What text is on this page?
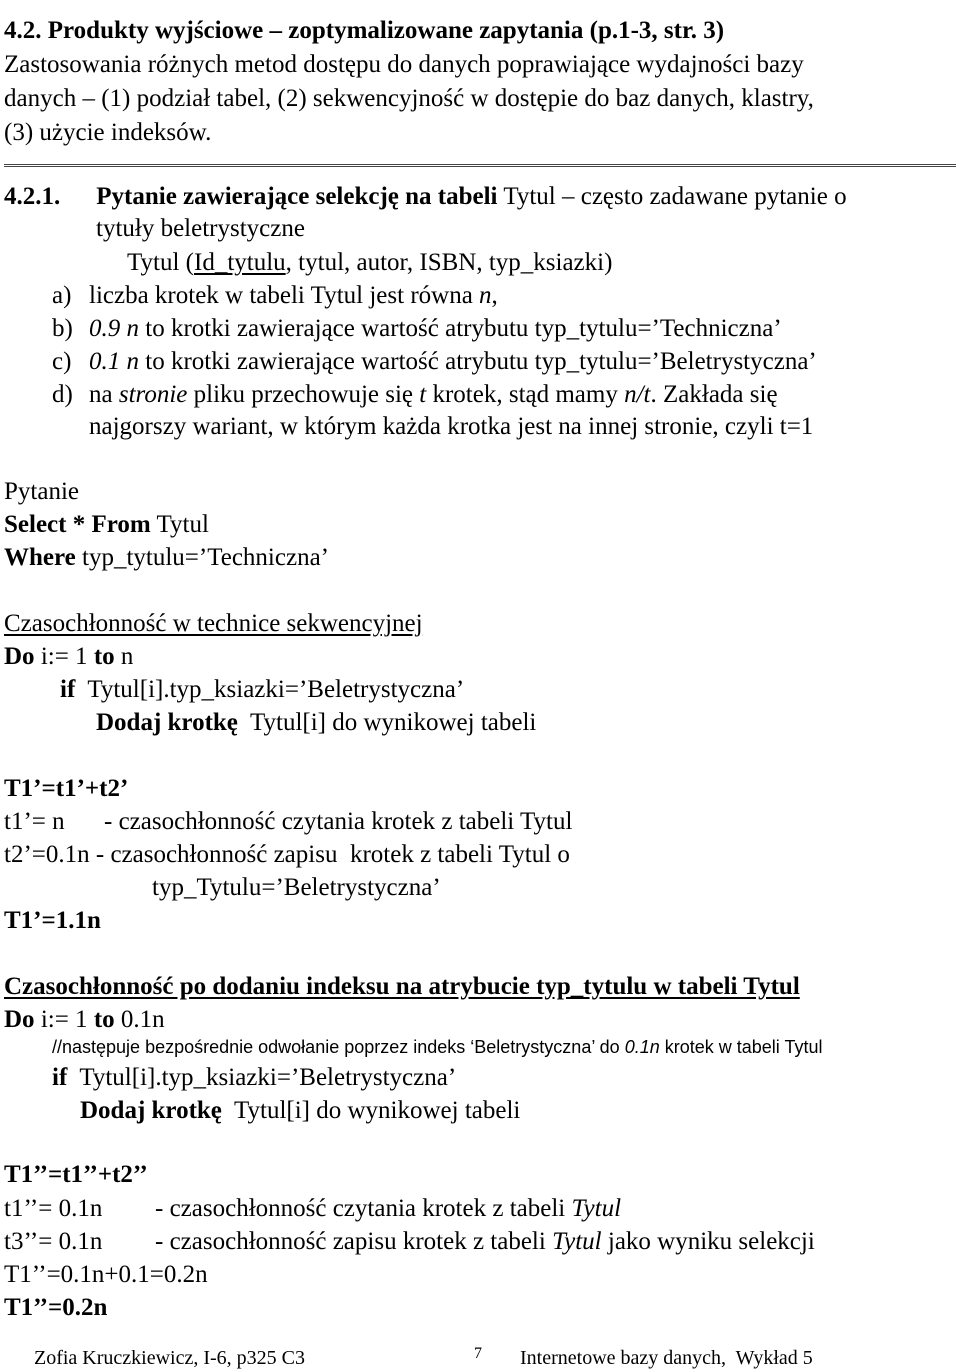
4.2. Produkty wyjściowe – zoptymalizowane zapytania (p.1-3, str. 3)
Zastosowania różnych metod dostępu do danych poprawiające wydajności bazy
danych – (1) podział tabel, (2) sekwencyjność w dostępie do baz danych, klastry,
(3) użycie indeksów.
4.2.1. Pytanie zawierające selekcję na tabeli Tytul – często zadawane pytanie o
tytuły beletrystyczne
Tytul (Id_tytulu, tytul, autor, ISBN, typ_ksiazki)
a) liczba krotek w tabeli Tytul jest równa n,
b) 0.9 n to krotki zawierające wartość atrybutu typ_tytulu=’Techniczna’
c) 0.1 n to krotki zawierające wartość atrybutu typ_tytulu=’Beletrystyczna’
d) na stronie pliku przechowuje się t krotek, stąd mamy n/t. Zakłada się
najgorszy wariant, w którym każda krotka jest na innej stronie, czyli t=1
Pytanie
Select * From Tytul
Where typ_tytulu=’Techniczna’
Czasochłonność w technice sekwencyjnej
Do i:= 1 to n
if  Tytul[i].typ_ksiazki=’Beletrystyczna’
Dodaj krotkę  Tytul[i] do wynikowej tabeli
T1’=t1’+t2’
t1’= n - czasochłonność czytania krotek z tabeli Tytul
t2’=0.1n - czasochłonność zapisu  krotek z tabeli Tytul o
typ_Tytulu=’Beletrystyczna’
T1’=1.1n
Czasochłonność po dodaniu indeksu na atrybucie typ_tytulu w tabeli Tytul
Do i:= 1 to 0.1n
//następuje bezpośrednie odwołanie poprzez indeks ‘Beletrystyczna’ do 0.1n krotek w tabeli Tytul
if  Tytul[i].typ_ksiazki=’Beletrystyczna’
Dodaj krotkę  Tytul[i] do wynikowej tabeli
T1’’=t1’’+t2’’
t1’’= 0.1n - czasochłonność czytania krotek z tabeli Tytul
t3’’= 0.1n - czasochłonność zapisu krotek z tabeli Tytul jako wyniku selekcji
T1’’=0.1n+0.1=0.2n
T1’’=0.2n
Zofia Kruczkiewicz, I-6, p325 C3	7 Internetowe bazy danych,  Wykład 5
